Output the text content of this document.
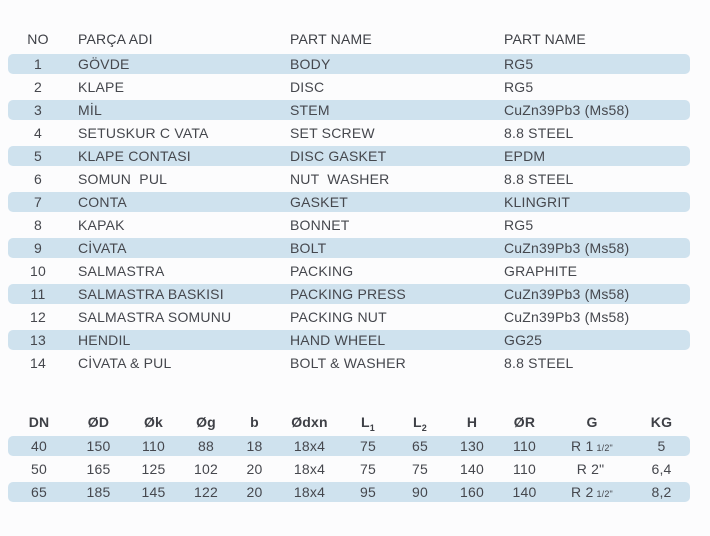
NO	PARÇA ADI	PART NAME	PART NAME
1	GÖVDE	BODY	RG5
2	KLAPE	DISC	RG5
3	MİL	STEM	CuZn39Pb3 (Ms58)
4	SETUSKUR C VATA	SET SCREW	8.8 STEEL
5	KLAPE CONTASI	DISC GASKET	EPDM
6	SOMUN  PUL	NUT  WASHER	8.8 STEEL
7	CONTA	GASKET	KLINGRIT
8	KAPAK	BONNET	RG5
9	CİVATA	BOLT	CuZn39Pb3 (Ms58)
10	SALMASTRA	PACKING	GRAPHITE
11	SALMASTRA BASKISI	PACKING PRESS	CuZn39Pb3 (Ms58)
12	SALMASTRA SOMUNU	PACKING NUT	CuZn39Pb3 (Ms58)
13	HENDIL	HAND WHEEL	GG25
14	CİVATA & PUL	BOLT & WASHER	8.8 STEEL
DN	ØD	Øk	Øg	b	Ødxn	$L_1$	$L_2$	H	ØR	G	KG
40	150	110	88	18	18x4	75	65	130	110	R 1 1/2"	5
50	165	125	102	20	18x4	75	75	140	110	R 2"	6,4
65	185	145	122	20	18x4	95	90	160	140	R 2 1/2"	8,2
